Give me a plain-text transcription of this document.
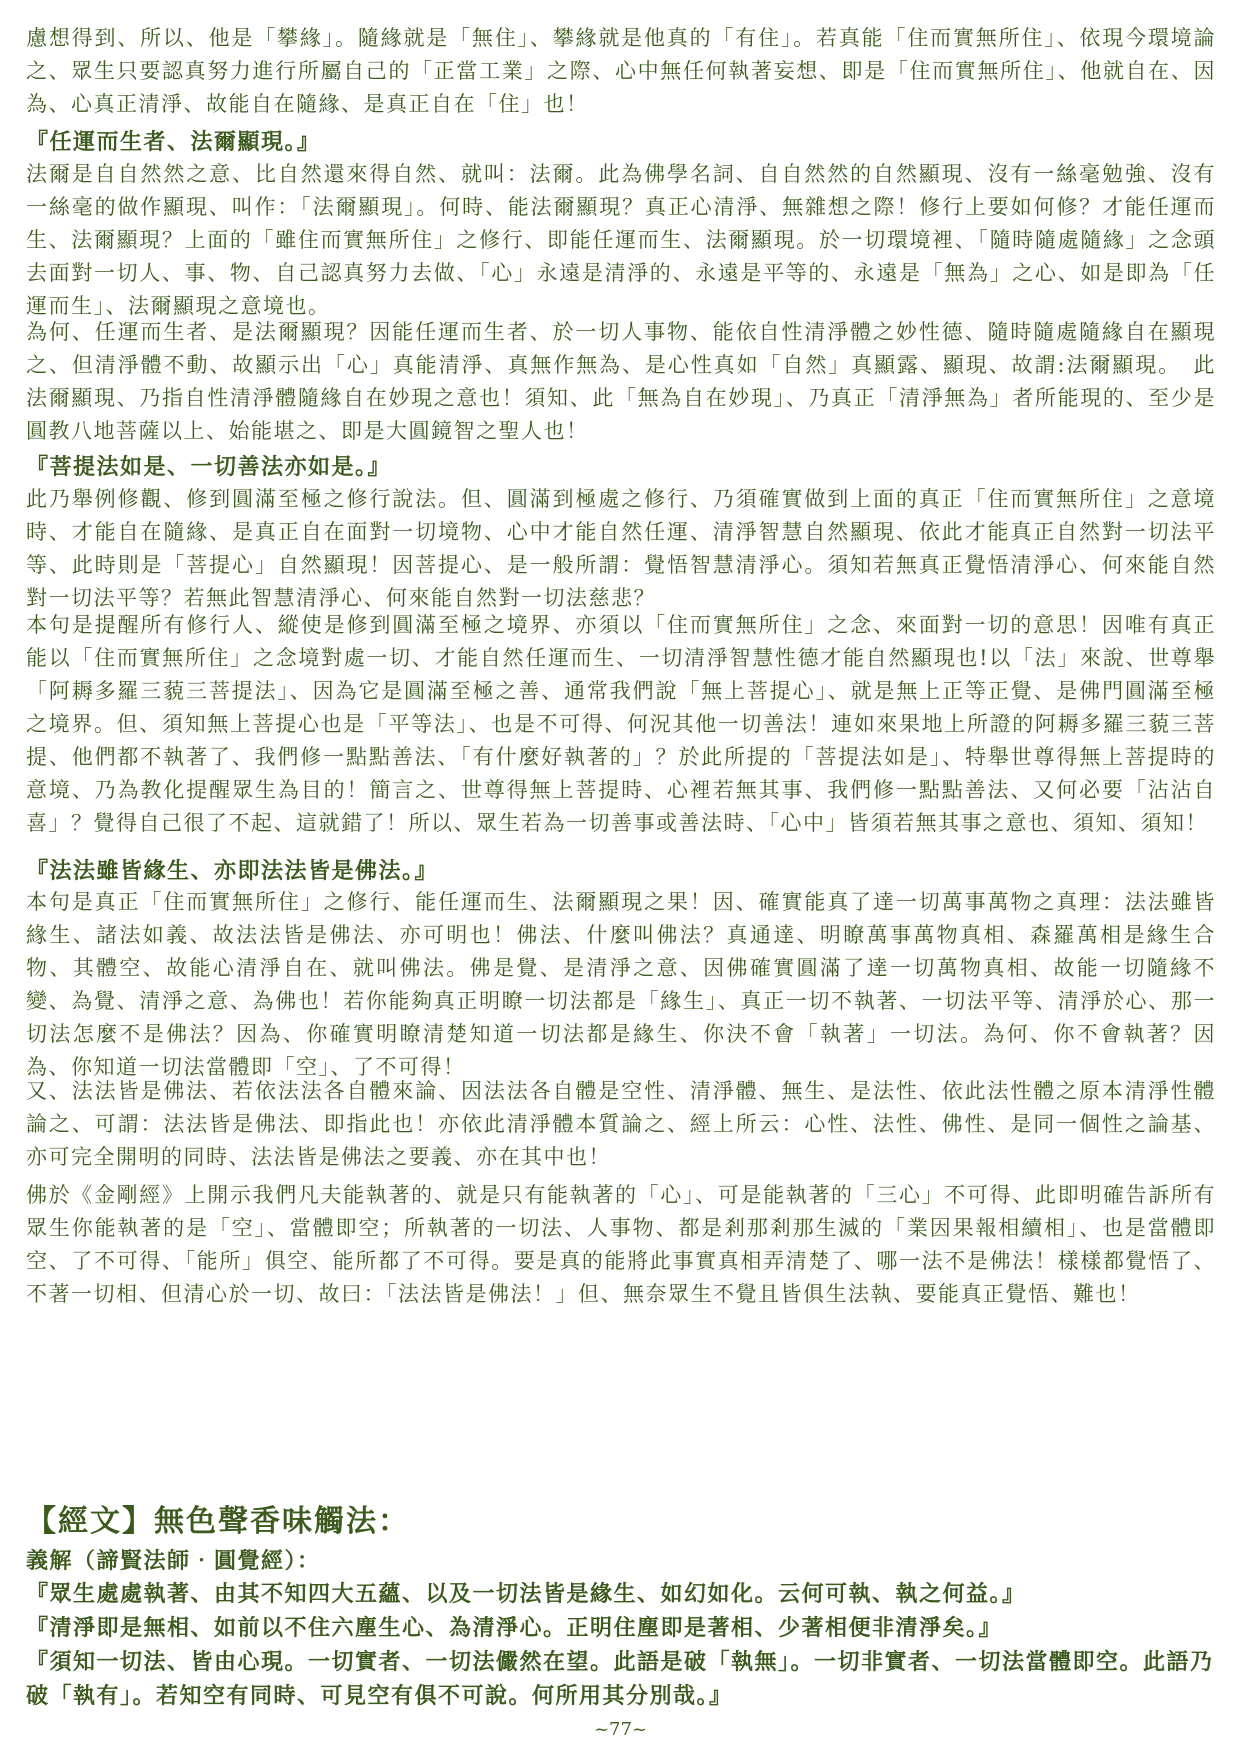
慮想得到、所以、他是「攀緣」。隨緣就是「無住」、攀緣就是他真的「有住」。若真能「住而實無所住」、依現今環境論之、眾生只要認真努力進行所屬自己的「正當工業」之際、心中無任何執著妄想、即是「住而實無所住」、他就自在、因為、心真正清淨、故能自在隨緣、是真正自在「住」也！

『任運而生者、法爾顯現。』

法爾是自自然然之意、比自然還來得自然、就叫：法爾。此為佛學名詞、自自然然的自然顯現、沒有一絲毫勉強、沒有一絲毫的做作顯現、叫作：「法爾顯現」。何時、能法爾顯現？真正心清淨、無雜想之際！修行上要如何修？才能任運而生、法爾顯現？上面的「雖住而實無所住」之修行、即能任運而生、法爾顯現。於一切環境裡、「隨時隨處隨緣」之念頭去面對一切人、事、物、自己認真努力去做、「心」永遠是清淨的、永遠是平等的、永遠是「無為」之心、如是即為「任運而生」、法爾顯現之意境也。

為何、任運而生者、是法爾顯現？因能任運而生者、於一切人事物、能依自性清淨體之妙性德、隨時隨處隨緣自在顯現之、但清淨體不動、故顯示出「心」真能清淨、真無作無為、是心性真如「自然」真顯露、顯現、故謂:法爾顯現。　此法爾顯現、乃指自性清淨體隨緣自在妙現之意也！須知、此「無為自在妙現」、乃真正「清淨無為」者所能現的、至少是圓教八地菩薩以上、始能堪之、即是大圓鏡智之聖人也！

『菩提法如是、一切善法亦如是。』

此乃舉例修觀、修到圓滿至極之修行說法。但、圓滿到極處之修行、乃須確實做到上面的真正「住而實無所住」之意境時、才能自在隨緣、是真正自在面對一切境物、心中才能自然任運、清淨智慧自然顯現、依此才能真正自然對一切法平等、此時則是「菩提心」自然顯現！因菩提心、是一般所謂：覺悟智慧清淨心。須知若無真正覺悟清淨心、何來能自然對一切法平等？若無此智慧清淨心、何來能自然對一切法慈悲？

本句是提醒所有修行人、縱使是修到圓滿至極之境界、亦須以「住而實無所住」之念、來面對一切的意思！因唯有真正能以「住而實無所住」之念境對處一切、才能自然任運而生、一切清淨智慧性德才能自然顯現也!以「法」來說、世尊舉「阿耨多羅三藐三菩提法」、因為它是圓滿至極之善、通常我們說「無上菩提心」、就是無上正等正覺、是佛門圓滿至極之境界。但、須知無上菩提心也是「平等法」、也是不可得、何況其他一切善法！連如來果地上所證的阿耨多羅三藐三菩提、他們都不執著了、我們修一點點善法、「有什麼好執著的」？於此所提的「菩提法如是」、特舉世尊得無上菩提時的意境、乃為教化提醒眾生為目的！簡言之、世尊得無上菩提時、心裡若無其事、我們修一點點善法、又何必要「沾沾自喜」？覺得自己很了不起、這就錯了！所以、眾生若為一切善事或善法時、「心中」皆須若無其事之意也、須知、須知！

『法法雖皆緣生、亦即法法皆是佛法。』

本句是真正「住而實無所住」之修行、能任運而生、法爾顯現之果！因、確實能真了達一切萬事萬物之真理：法法雖皆緣生、諸法如義、故法法皆是佛法、亦可明也！佛法、什麼叫佛法？真通達、明瞭萬事萬物真相、森羅萬相是緣生合物、其體空、故能心清淨自在、就叫佛法。佛是覺、是清淨之意、因佛確實圓滿了達一切萬物真相、故能一切隨緣不變、為覺、清淨之意、為佛也！若你能夠真正明瞭一切法都是「緣生」、真正一切不執著、一切法平等、清淨於心、那一切法怎麼不是佛法？因為、你確實明瞭清楚知道一切法都是緣生、你決不會「執著」一切法。為何、你不會執著？因為、你知道一切法當體即「空」、了不可得！

又、法法皆是佛法、若依法法各自體來論、因法法各自體是空性、清淨體、無生、是法性、依此法性體之原本清淨性體論之、可謂：法法皆是佛法、即指此也！亦依此清淨體本質論之、經上所云：心性、法性、佛性、是同一個性之論基、亦可完全開明的同時、法法皆是佛法之要義、亦在其中也！

佛於《金剛經》上開示我們凡夫能執著的、就是只有能執著的「心」、可是能執著的「三心」不可得、此即明確告訴所有眾生你能執著的是「空」、當體即空；所執著的一切法、人事物、都是剎那剎那生滅的「業因果報相續相」、也是當體即空、了不可得、「能所」俱空、能所都了不可得。要是真的能將此事實真相弄清楚了、哪一法不是佛法！樣樣都覺悟了、不著一切相、但清心於一切、故曰：「法法皆是佛法！」但、無奈眾生不覺且皆俱生法執、要能真正覺悟、難也！

【經文】無色聲香味觸法：

義解（諦賢法師‧圓覺經）：

『眾生處處執著、由其不知四大五蘊、以及一切法皆是緣生、如幻如化。云何可執、執之何益。』

『清淨即是無相、如前以不住六塵生心、為清淨心。正明住塵即是著相、少著相便非清淨矣。』

『須知一切法、皆由心現。一切實者、一切法儼然在望。此語是破「執無」。一切非實者、一切法當體即空。此語乃破「執有」。若知空有同時、可見空有俱不可說。何所用其分別哉。』

~77~
